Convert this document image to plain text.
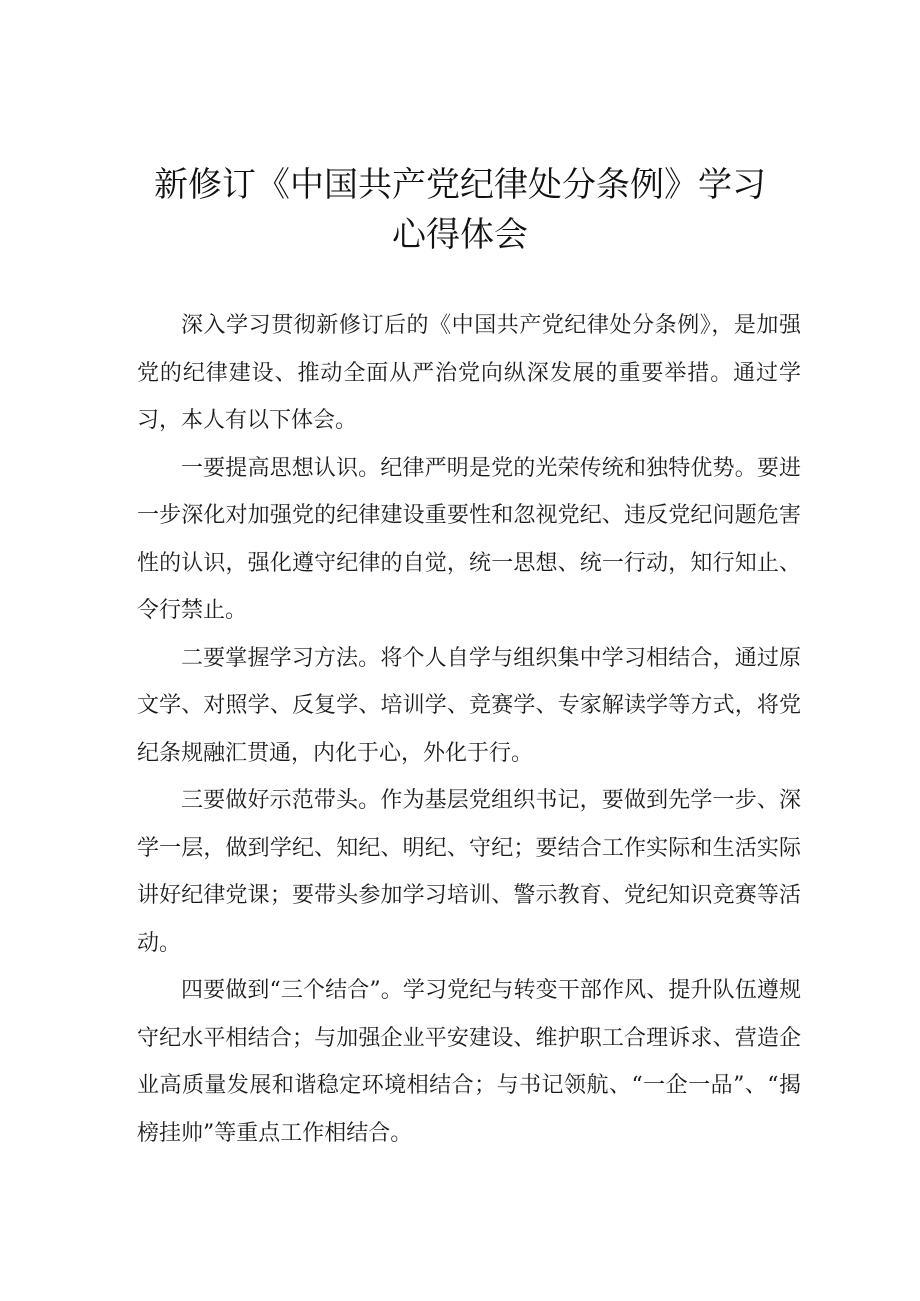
新修订《中国共产党纪律处分条例》学习
心得体会

深入学习贯彻新修订后的《中国共产党纪律处分条例》，是加强党的纪律建设、推动全面从严治党向纵深发展的重要举措。通过学习，本人有以下体会。

一要提高思想认识。纪律严明是党的光荣传统和独特优势。要进一步深化对加强党的纪律建设重要性和忽视党纪、违反党纪问题危害性的认识，强化遵守纪律的自觉，统一思想、统一行动，知行知止、令行禁止。

二要掌握学习方法。将个人自学与组织集中学习相结合，通过原文学、对照学、反复学、培训学、竞赛学、专家解读学等方式，将党纪条规融汇贯通，内化于心，外化于行。

三要做好示范带头。作为基层党组织书记，要做到先学一步、深学一层，做到学纪、知纪、明纪、守纪；要结合工作实际和生活实际讲好纪律党课；要带头参加学习培训、警示教育、党纪知识竞赛等活动。

四要做到“三个结合”。学习党纪与转变干部作风、提升队伍遵规守纪水平相结合；与加强企业平安建设、维护职工合理诉求、营造企业高质量发展和谐稳定环境相结合；与书记领航、“一企一品”、“揭榜挂帅”等重点工作相结合。
